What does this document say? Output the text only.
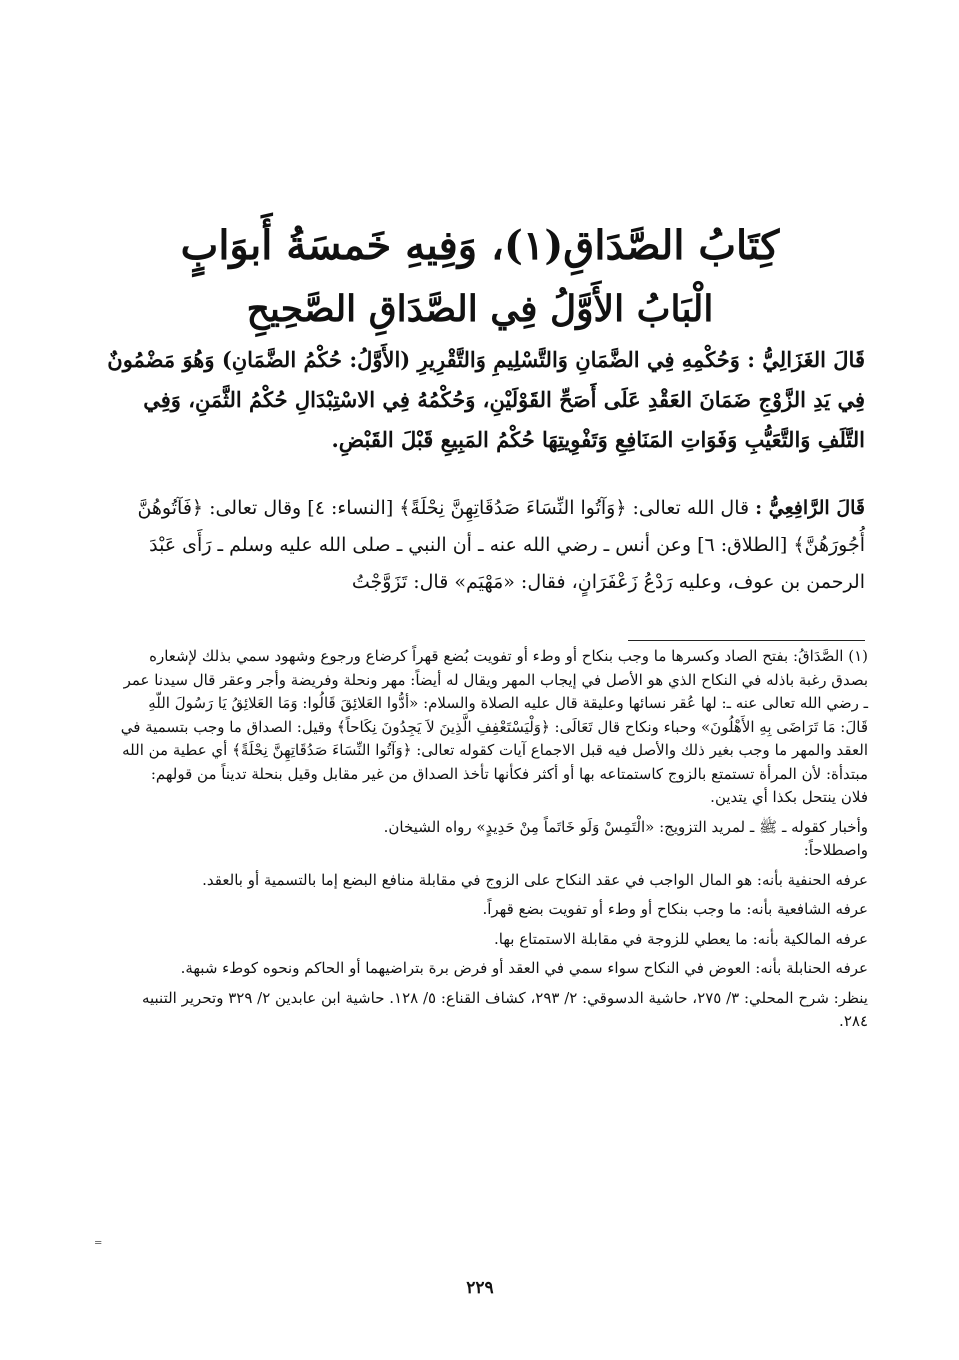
كِتَابُ الصَّدَاقِ(١)، وَفِيهِ خَمسَةُ أَبوَابٍ
الْبَابُ الأَوَّلُ فِي الصَّدَاقِ الصَّحِيحِ
قَالَ الغَزَالِيُّ : وَحُكْمِهِ فِي الضَّمَانِ وَالتَّسْلِيمِ وَالتَّقْرِيرِ (الأَوَّلُ: حُكْمُ الضَّمَانِ) وَهُوَ مَضْمُونٌ فِي يَدِ الزَّوْجِ ضَمَانَ العَقْدِ عَلَى أَصَحِّ القَوْلَيْنِ، وَحُكْمُهُ فِي الاسْتِبْدَالِ حُكْمُ الثَّمَنِ، وَفِي التَّلَفِ وَالتَّعَيُّبِ وَفَوَاتِ المَنَافِعِ وَتَفْوِيتِهَا حُكْمُ المَبِيعِ قَبْلَ القَبْضِ.
قَالَ الرَّافِعِيُّ : قال الله تعالى: ﴿وَآتُوا النِّسَاءَ صَدُقَاتِهِنَّ نِحْلَةً﴾ [النساء: ٤] وقال تعالى: ﴿فَآتُوهُنَّ أُجُورَهُنَّ﴾ [الطلاق: ٦] وعن أنس ـ رضي الله عنه ـ أن النبي ـ صلى الله عليه وسلم ـ رَأَى عَبْدَ الرحمن بن عوف، وعليه رَدْعُ زَعْفَرَانٍ، فقال: «مَهْيَم» قال: تَزَوَّجْتُ
(١) الصَّدَاقُ: بفتح الصاد وكسرها ما وجب بنكاح أو وطء أو تفويت بُضع قهراً كرضاع ورجوع وشهود سمي بذلك لإشعاره بصدق رغبة باذله في النكاح الذي هو الأصل في إيجاب المهر ويقال له أيضاً: مهر ونحلة وفريضة وأجر وعقر قال سيدنا عمر ـ رضي الله تعالى عنه ـ: لها عُقر نسائها وعليقة قال عليه الصلاة والسلام: «أدُّوا العَلائِقَ قَالُوا: وَمَا العَلائِقُ يَا رَسُولَ اللّهِ قَالَ: مَا تَرَاضَى بِهِ الأَهْلُونَ» وحباء ونكاح قال تَعَالَى: ﴿وَلْيَسْتَعْفِفِ الَّذِينَ لاَ يَجِدُونَ نِكَاحاً﴾ وقيل: الصداق ما وجب بتسمية في العقد والمهر ما وجب بغير ذلك والأصل فيه قبل الاجماع آيات كقوله تعالى: ﴿وَآتُوا النِّسَاءَ صَدُقَاتِهِنَّ نِحْلَةً﴾ أي عطية من الله مبتدأة: لأن المرأة تستمتع بالزوج كاستمتاعه بها أو أكثر فكأنها تأخذ الصداق من غير مقابل وقيل بنحلة تديناً من قولهم: فلان ينتحل بكذا أي يتدين.
وأخبار كقوله ـ ﷺ ـ لمريد التزويج: «الْتَمِسْ وَلَو خَاتَماً مِنْ حَدِيدٍ» رواه الشيخان.
واصطلاحاً:
عرفه الحنفية بأنه: هو المال الواجب في عقد النكاح على الزوج في مقابلة منافع البضع إما بالتسمية أو بالعقد.
عرفه الشافعية بأنه: ما وجب بنكاح أو وطء أو تفويت بضع قهراً.
عرفه المالكية بأنه: ما يعطي للزوجة في مقابلة الاستمتاع بها.
عرفه الحنابلة بأنه: العوض في النكاح سواء سمي في العقد أو فرض برة بتراضيهما أو الحاكم ونحوه كوطء شبهة.
ينظر: شرح المحلي: ٣/ ٢٧٥، حاشية الدسوقي: ٢/ ٢٩٣، كشاف القناع: ٥/ ١٢٨. حاشية ابن عابدين ٢/ ٣٢٩ وتحرير التنبيه ٢٨٤.
=
٢٢٩
